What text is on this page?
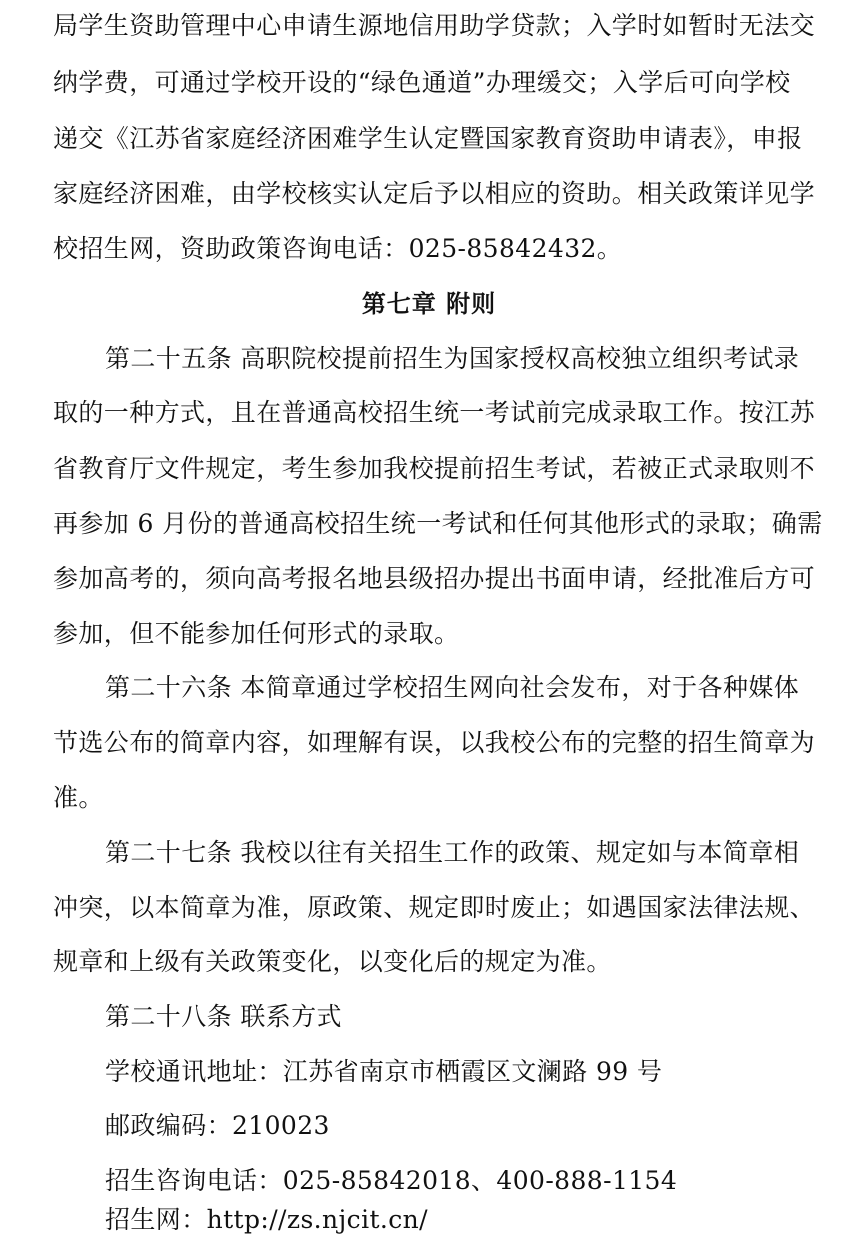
局学生资助管理中心申请生源地信用助学贷款；入学时如暂时无法交
纳学费，可通过学校开设的“绿色通道”办理缓交；入学后可向学校
递交《江苏省家庭经济困难学生认定暨国家教育资助申请表》，申报
家庭经济困难，由学校核实认定后予以相应的资助。相关政策详见学
校招生网，资助政策咨询电话：025-85842432。
第七章 附则
第二十五条 高职院校提前招生为国家授权高校独立组织考试录
取的一种方式，且在普通高校招生统一考试前完成录取工作。按江苏
省教育厅文件规定，考生参加我校提前招生考试，若被正式录取则不
再参加 6 月份的普通高校招生统一考试和任何其他形式的录取；确需
参加高考的，须向高考报名地县级招办提出书面申请，经批准后方可
参加，但不能参加任何形式的录取。
第二十六条 本简章通过学校招生网向社会发布，对于各种媒体
节选公布的简章内容，如理解有误，以我校公布的完整的招生简章为
准。
第二十七条 我校以往有关招生工作的政策、规定如与本简章相
冲突，以本简章为准，原政策、规定即时废止；如遇国家法律法规、
规章和上级有关政策变化，以变化后的规定为准。
第二十八条 联系方式
学校通讯地址：江苏省南京市栖霞区文澜路 99 号
邮政编码：210023
招生咨询电话：025-85842018、400-888-1154
招生网：http://zs.njcit.cn/
